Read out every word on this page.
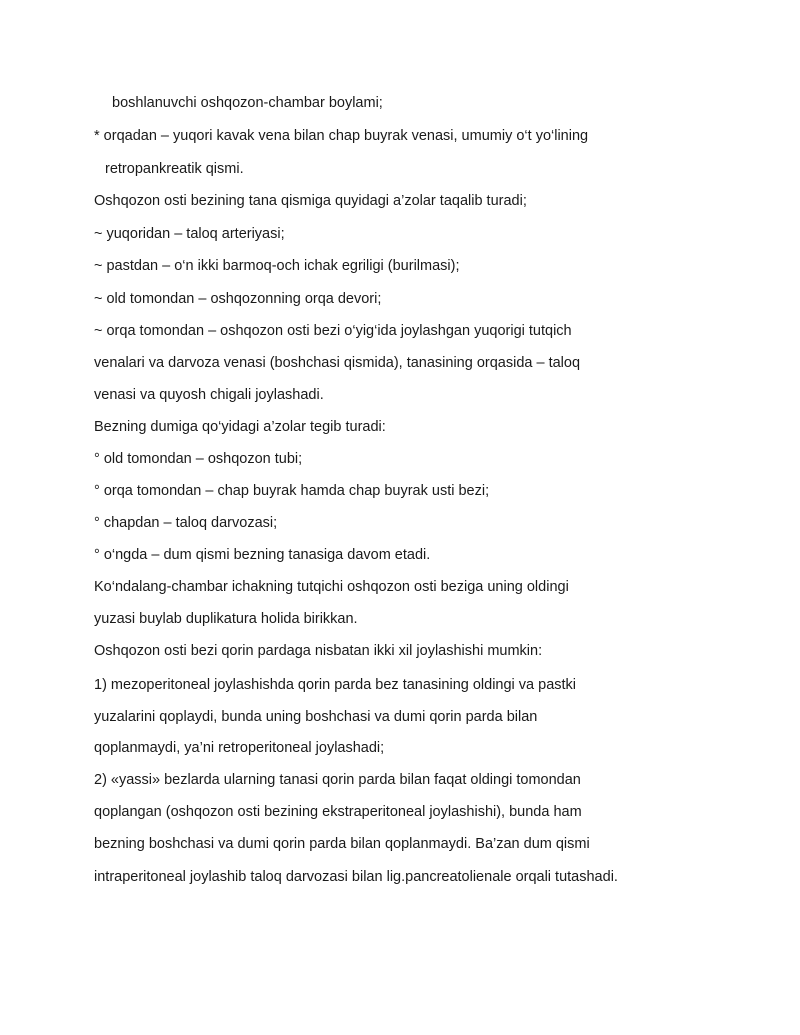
boshlanuvchi oshqozon-chambar boylami;
* orqadan – yuqori kavak vena bilan chap buyrak venasi, umumiy o‘t yo‘lining
retropankreatik qismi.
Oshqozon osti bezining tana qismiga quyidagi a’zolar taqalib turadi;
~ yuqoridan – taloq arteriyasi;
~ pastdan – o‘n ikki barmoq-och ichak egriligi (burilmasi);
~ old tomondan – oshqozonning orqa devori;
~ orqa tomondan – oshqozon osti bezi o‘yig‘ida joylashgan yuqorigi tutqich
venalari va darvoza venasi (boshchasi qismida), tanasining orqasida – taloq
venasi va quyosh chigali joylashadi.
Bezning dumiga qo‘yidagi a’zolar tegib turadi:
° old tomondan – oshqozon tubi;
° orqa tomondan – chap buyrak hamda chap buyrak usti bezi;
° chapdan – taloq darvozasi;
° o‘ngda – dum qismi bezning tanasiga davom etadi.
Ko‘ndalang-chambar ichakning tutqichi oshqozon osti beziga uning oldingi
yuzasi buylab duplikatura holida birikkan.
Oshqozon osti bezi qorin pardaga nisbatan ikki xil joylashishi mumkin:
1) mezoperitoneal joylashishda qorin parda bez tanasining oldingi va pastki
yuzalarini qoplaydi, bunda uning boshchasi va dumi qorin parda bilan
qoplanmaydi, ya’ni retroperitoneal joylashadi;
2) «yassi» bezlarda ularning tanasi qorin parda bilan faqat oldingi tomondan
qoplangan (oshqozon osti bezining ekstraperitoneal joylashishi), bunda ham
bezning boshchasi va dumi qorin parda bilan qoplanmaydi. Ba’zan dum qismi
intraperitoneal joylashib taloq darvozasi bilan lig.pancreatolienale orqali tutashadi.
